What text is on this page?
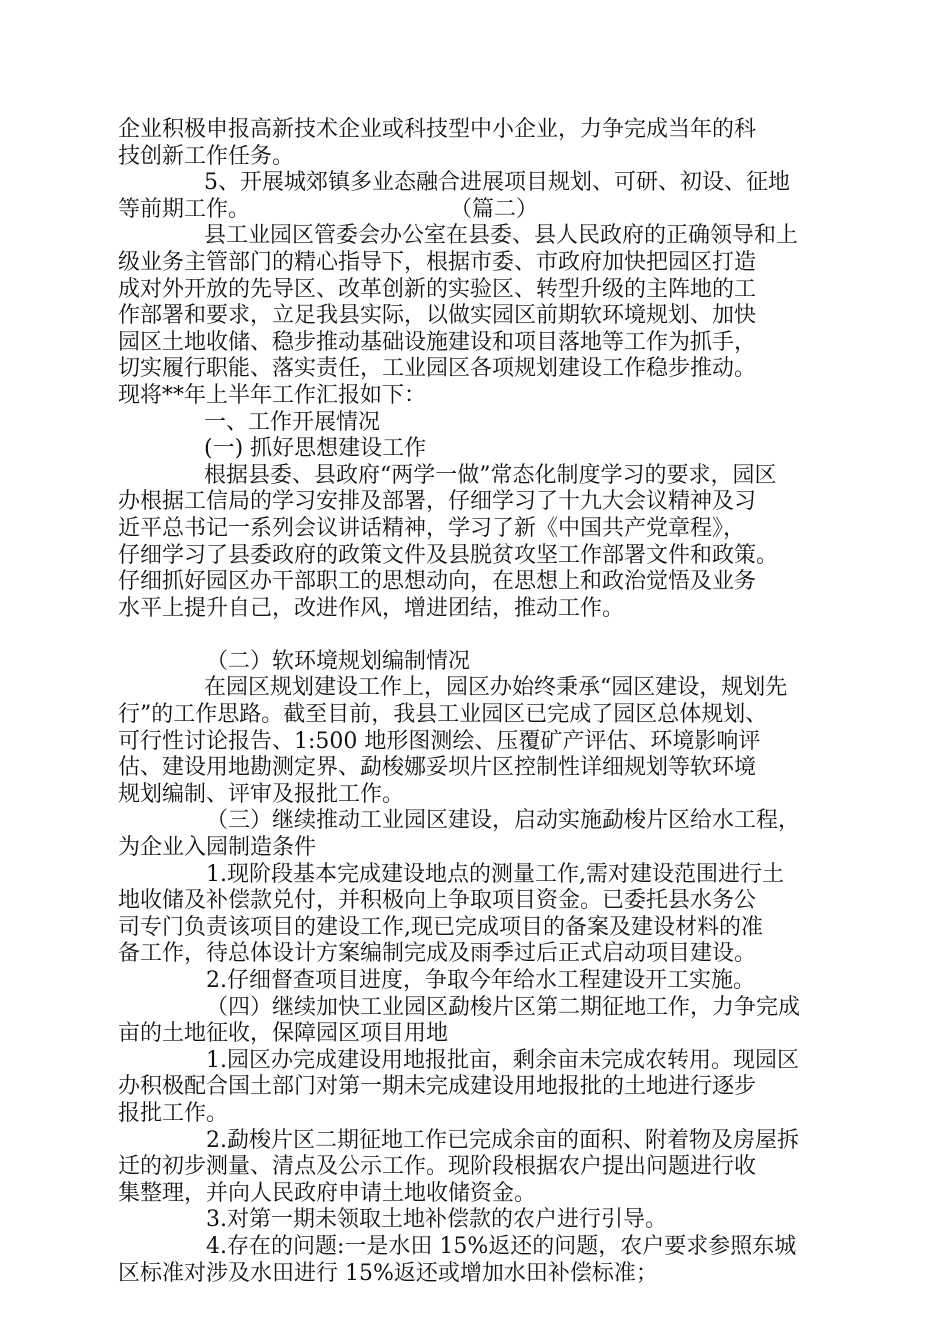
企业积极申报高新技术企业或科技型中小企业，力争完成当年的科
技创新工作任务。
5、开展城郊镇多业态融合进展项目规划、可研、初设、征地
等前期工作。	（篇二）
县工业园区管委会办公室在县委、县人民政府的正确领导和上
级业务主管部门的精心指导下，根据市委、市政府加快把园区打造
成对外开放的先导区、改革创新的实验区、转型升级的主阵地的工
作部署和要求，立足我县实际，以做实园区前期软环境规划、加快
园区土地收储、稳步推动基础设施建设和项目落地等工作为抓手，
切实履行职能、落实责任，工业园区各项规划建设工作稳步推动。
现将**年上半年工作汇报如下：
一、工作开展情况
(一) 抓好思想建设工作
根据县委、县政府“两学一做”常态化制度学习的要求，园区
办根据工信局的学习安排及部署，仔细学习了十九大会议精神及习
近平总书记一系列会议讲话精神，学习了新《中国共产党章程》，
仔细学习了县委政府的政策文件及县脱贫攻坚工作部署文件和政策。
仔细抓好园区办干部职工的思想动向，在思想上和政治觉悟及业务
水平上提升自己，改进作风，增进团结，推动工作。
（二）软环境规划编制情况
在园区规划建设工作上，园区办始终秉承“园区建设，规划先
行”的工作思路。截至目前，我县工业园区已完成了园区总体规划、
可行性讨论报告、1:500 地形图测绘、压覆矿产评估、环境影响评
估、建设用地勘测定界、勐梭娜妥坝片区控制性详细规划等软环境
规划编制、评审及报批工作。
（三）继续推动工业园区建设，启动实施勐梭片区给水工程，
为企业入园制造条件
1.现阶段基本完成建设地点的测量工作,需对建设范围进行土
地收储及补偿款兑付，并积极向上争取项目资金。已委托县水务公
司专门负责该项目的建设工作,现已完成项目的备案及建设材料的准
备工作，待总体设计方案编制完成及雨季过后正式启动项目建设。
2.仔细督查项目进度，争取今年给水工程建设开工实施。
（四）继续加快工业园区勐梭片区第二期征地工作，力争完成
亩的土地征收，保障园区项目用地
1.园区办完成建设用地报批亩，剩余亩未完成农转用。现园区
办积极配合国土部门对第一期未完成建设用地报批的土地进行逐步
报批工作。
2.勐梭片区二期征地工作已完成余亩的面积、附着物及房屋拆
迁的初步测量、清点及公示工作。现阶段根据农户提出问题进行收
集整理，并向人民政府申请土地收储资金。
3.对第一期未领取土地补偿款的农户进行引导。
4.存在的问题:一是水田 15%返还的问题，农户要求参照东城
区标准对涉及水田进行 15%返还或增加水田补偿标准；
